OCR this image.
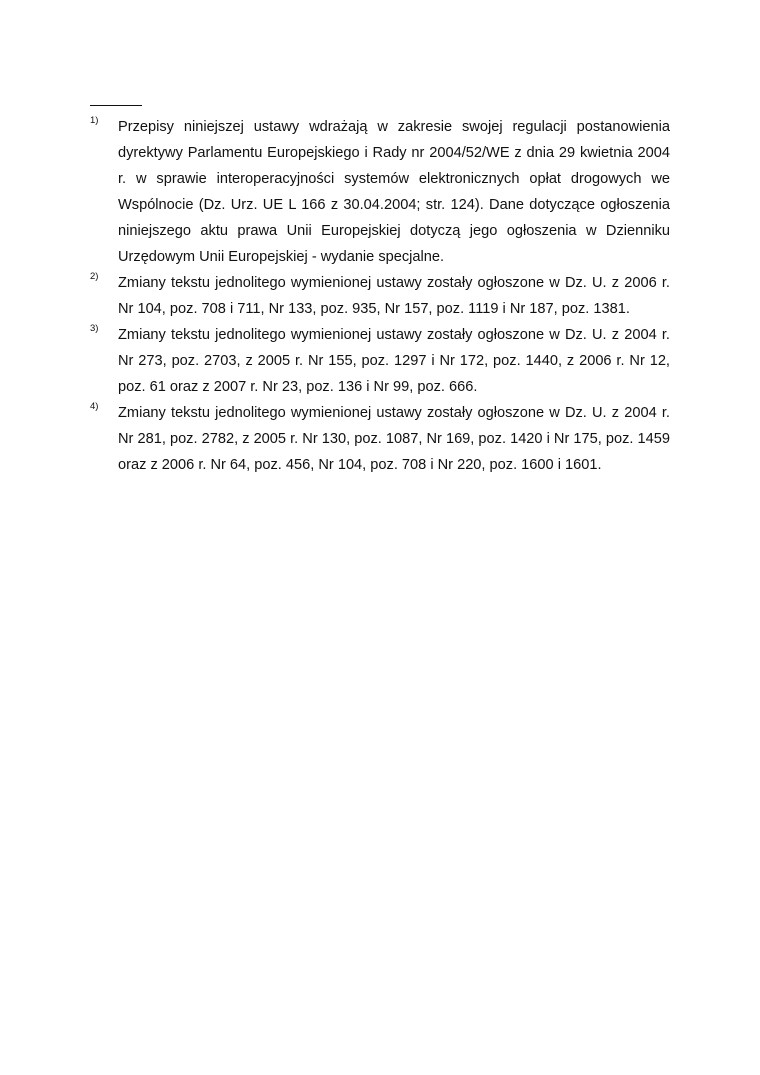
1) Przepisy niniejszej ustawy wdrażają w zakresie swojej regulacji postanowienia dyrektywy Parlamentu Europejskiego i Rady nr 2004/52/WE z dnia 29 kwietnia 2004 r. w sprawie interoperacyjności systemów elektronicznych opłat drogowych we Wspólnocie (Dz. Urz. UE L 166 z 30.04.2004; str. 124). Dane dotyczące ogłoszenia niniejszego aktu prawa Unii Europejskiej dotyczą jego ogłoszenia w Dzienniku Urzędowym Unii Europejskiej - wydanie specjalne.
2) Zmiany tekstu jednolitego wymienionej ustawy zostały ogłoszone w Dz. U. z 2006 r. Nr 104, poz. 708 i 711, Nr 133, poz. 935, Nr 157, poz. 1119 i Nr 187, poz. 1381.
3) Zmiany tekstu jednolitego wymienionej ustawy zostały ogłoszone w Dz. U. z 2004 r. Nr 273, poz. 2703, z 2005 r. Nr 155, poz. 1297 i Nr 172, poz. 1440, z 2006 r. Nr 12, poz. 61 oraz z 2007 r. Nr 23, poz. 136 i Nr 99, poz. 666.
4) Zmiany tekstu jednolitego wymienionej ustawy zostały ogłoszone w Dz. U. z 2004 r. Nr 281, poz. 2782, z 2005 r. Nr 130, poz. 1087, Nr 169, poz. 1420 i Nr 175, poz. 1459 oraz z 2006 r. Nr 64, poz. 456, Nr 104, poz. 708 i Nr 220, poz. 1600 i 1601.
